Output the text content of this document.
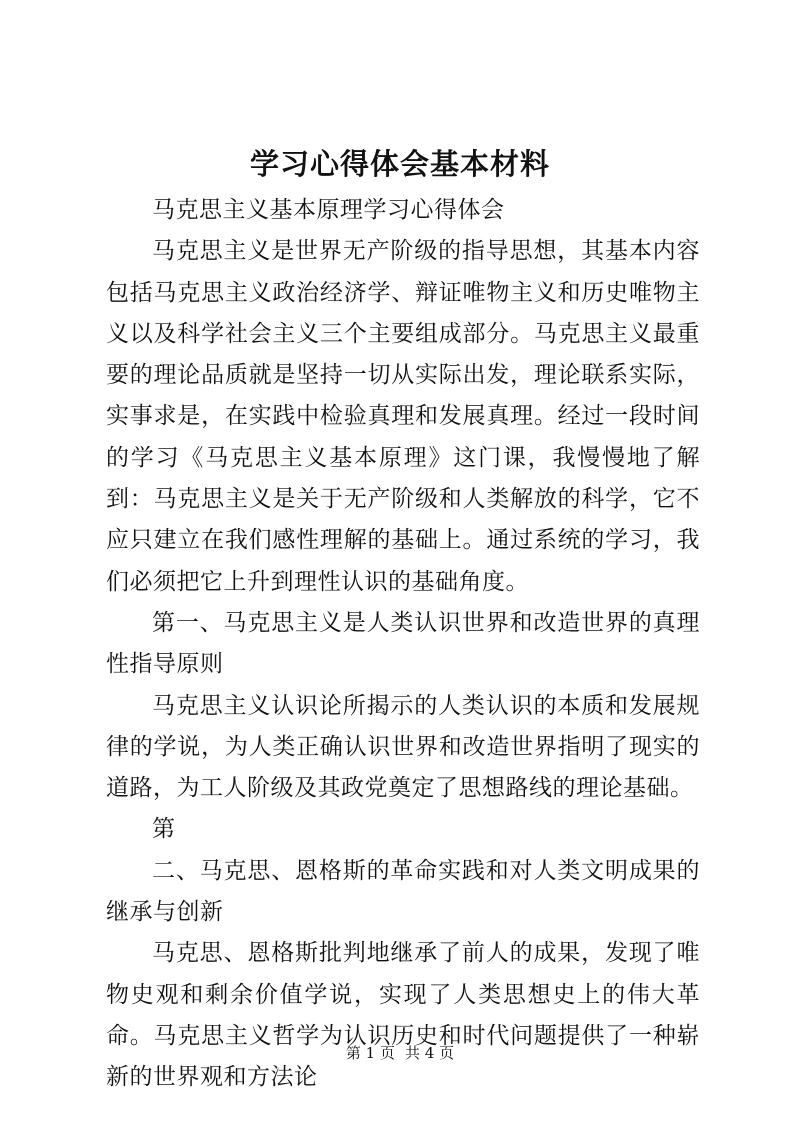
学习心得体会基本材料

马克思主义基本原理学习心得体会

马克思主义是世界无产阶级的指导思想，其基本内容包括马克思主义政治经济学、辩证唯物主义和历史唯物主义以及科学社会主义三个主要组成部分。马克思主义最重要的理论品质就是坚持一切从实际出发，理论联系实际，实事求是，在实践中检验真理和发展真理。经过一段时间的学习《马克思主义基本原理》这门课，我慢慢地了解到：马克思主义是关于无产阶级和人类解放的科学，它不应只建立在我们感性理解的基础上。通过系统的学习，我们必须把它上升到理性认识的基础角度。

第一、马克思主义是人类认识世界和改造世界的真理性指导原则

马克思主义认识论所揭示的人类认识的本质和发展规律的学说，为人类正确认识世界和改造世界指明了现实的道路，为工人阶级及其政党奠定了思想路线的理论基础。

第

二、马克思、恩格斯的革命实践和对人类文明成果的继承与创新

马克思、恩格斯批判地继承了前人的成果，发现了唯物史观和剩余价值学说，实现了人类思想史上的伟大革命。马克思主义哲学为认识历史和时代问题提供了一种崭新的世界观和方法论

第 1 页 共 4 页
